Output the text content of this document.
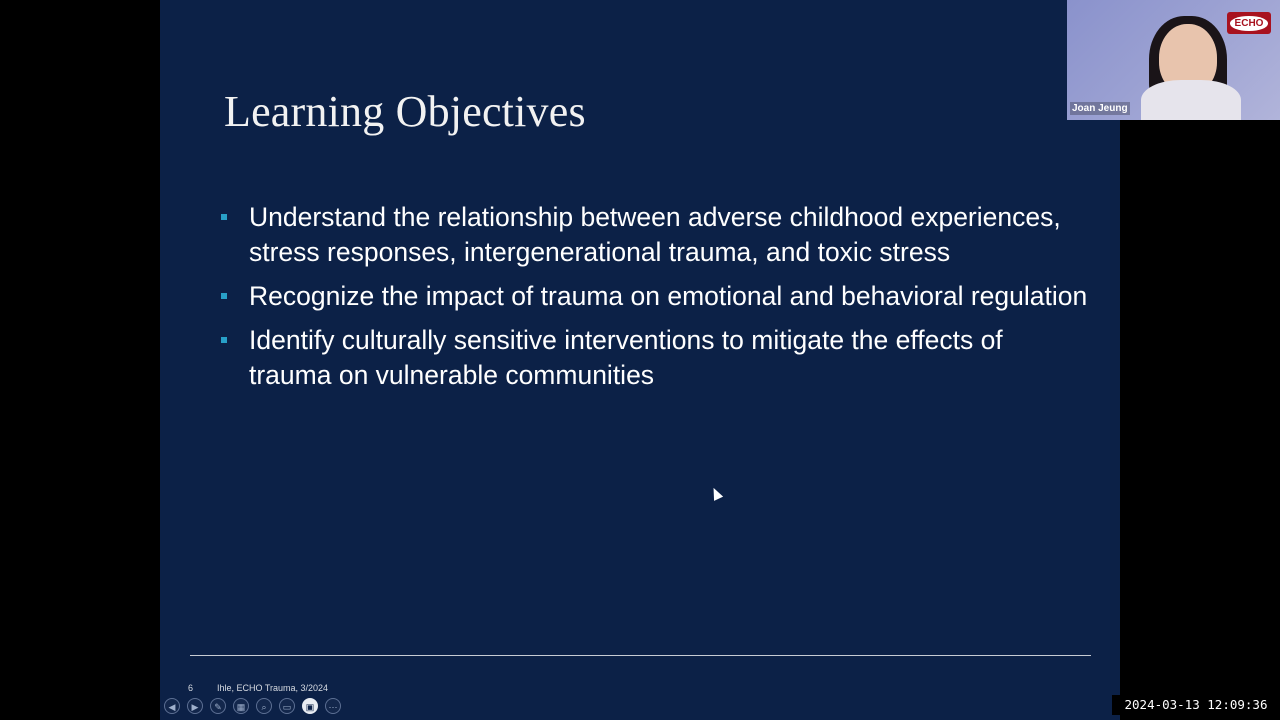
Learning Objectives
Understand the relationship between adverse childhood experiences, stress responses, intergenerational trauma, and toxic stress
Recognize the impact of trauma on emotional and behavioral regulation
Identify culturally sensitive interventions to mitigate the effects of trauma on vulnerable communities
6	Ihle, ECHO Trauma, 3/2024
◀	▶	✎	▦	⌕	▭	▣	⋯
Joan Jeung
ECHO
2024-03-13 12:09:36
